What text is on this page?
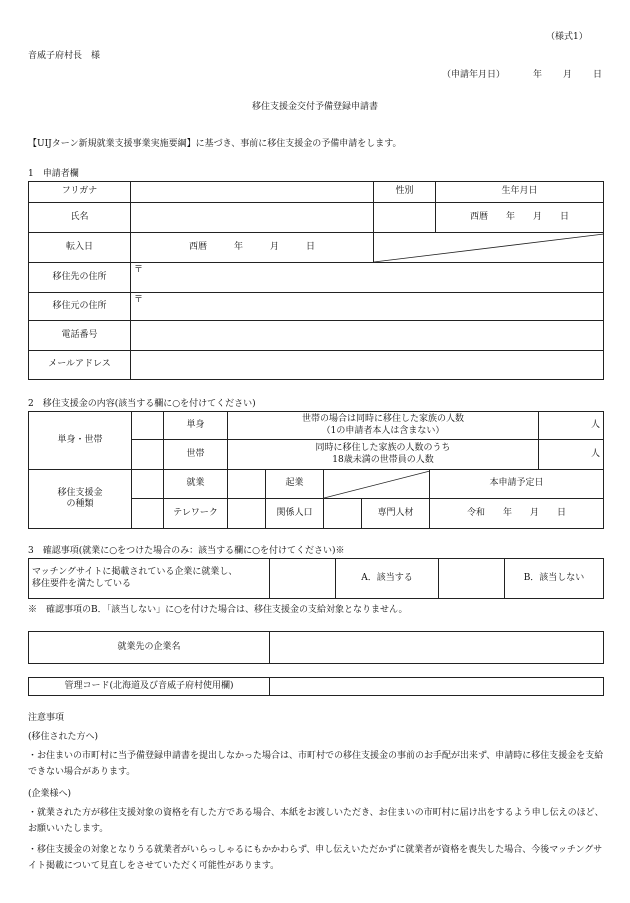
（様式1）
音威子府村長　様
（申請年月日）	年 月 日
移住支援金交付予備登録申請書
【UIJターン新規就業支援事業実施要綱】に基づき、事前に移住支援金の予備申請をします。
1　申請者欄
フリガナ		性別	生年月日
氏名			西暦　　年　　月　　日
転入日	西暦　　　年　　　月　　　日	

移住先の住所	〒		
移住元の住所	〒		
電話番号			
メールアドレス			
2　移住支援金の内容(該当する欄に○を付けてください)
単身・世帯		単身	世帯の場合は同時に移住した家族の人数
（1の申請者本人は含まない）					人
		世帯	同時に移住した家族の人数のうち
18歳未満の世帯員の人数					人

移住支援金
の種類		就業		起業			本申請予定日	
		テレワーク		関係人口		専門人材	令和　　年　　月　　日	
3　確認事項(就業に○をつけた場合のみ：該当する欄に○を付けてください)※
マッチングサイトに掲載されている企業に就業し、
移住要件を満たしている
		A．該当する		B．該当しない
※　確認事項のB．「該当しない」に○を付けた場合は、移住支援金の支給対象となりません。
就業先の企業名	
管理コード(北海道及び音威子府村使用欄)	
注意事項
(移住された方へ)
・お住まいの市町村に当予備登録申請書を提出しなかった場合は、市町村での移住支援金の事前のお手配が出来ず、申請時に移住支援金を支給できない場合があります。
(企業様へ)
・就業された方が移住支援対象の資格を有した方である場合、本紙をお渡しいただき、お住まいの市町村に届け出をするよう申し伝えのほど、お願いいたします。
・移住支援金の対象となりうる就業者がいらっしゃるにもかかわらず、申し伝えいただかずに就業者が資格を喪失した場合、今後マッチングサイト掲載について見直しをさせていただく可能性があります。
